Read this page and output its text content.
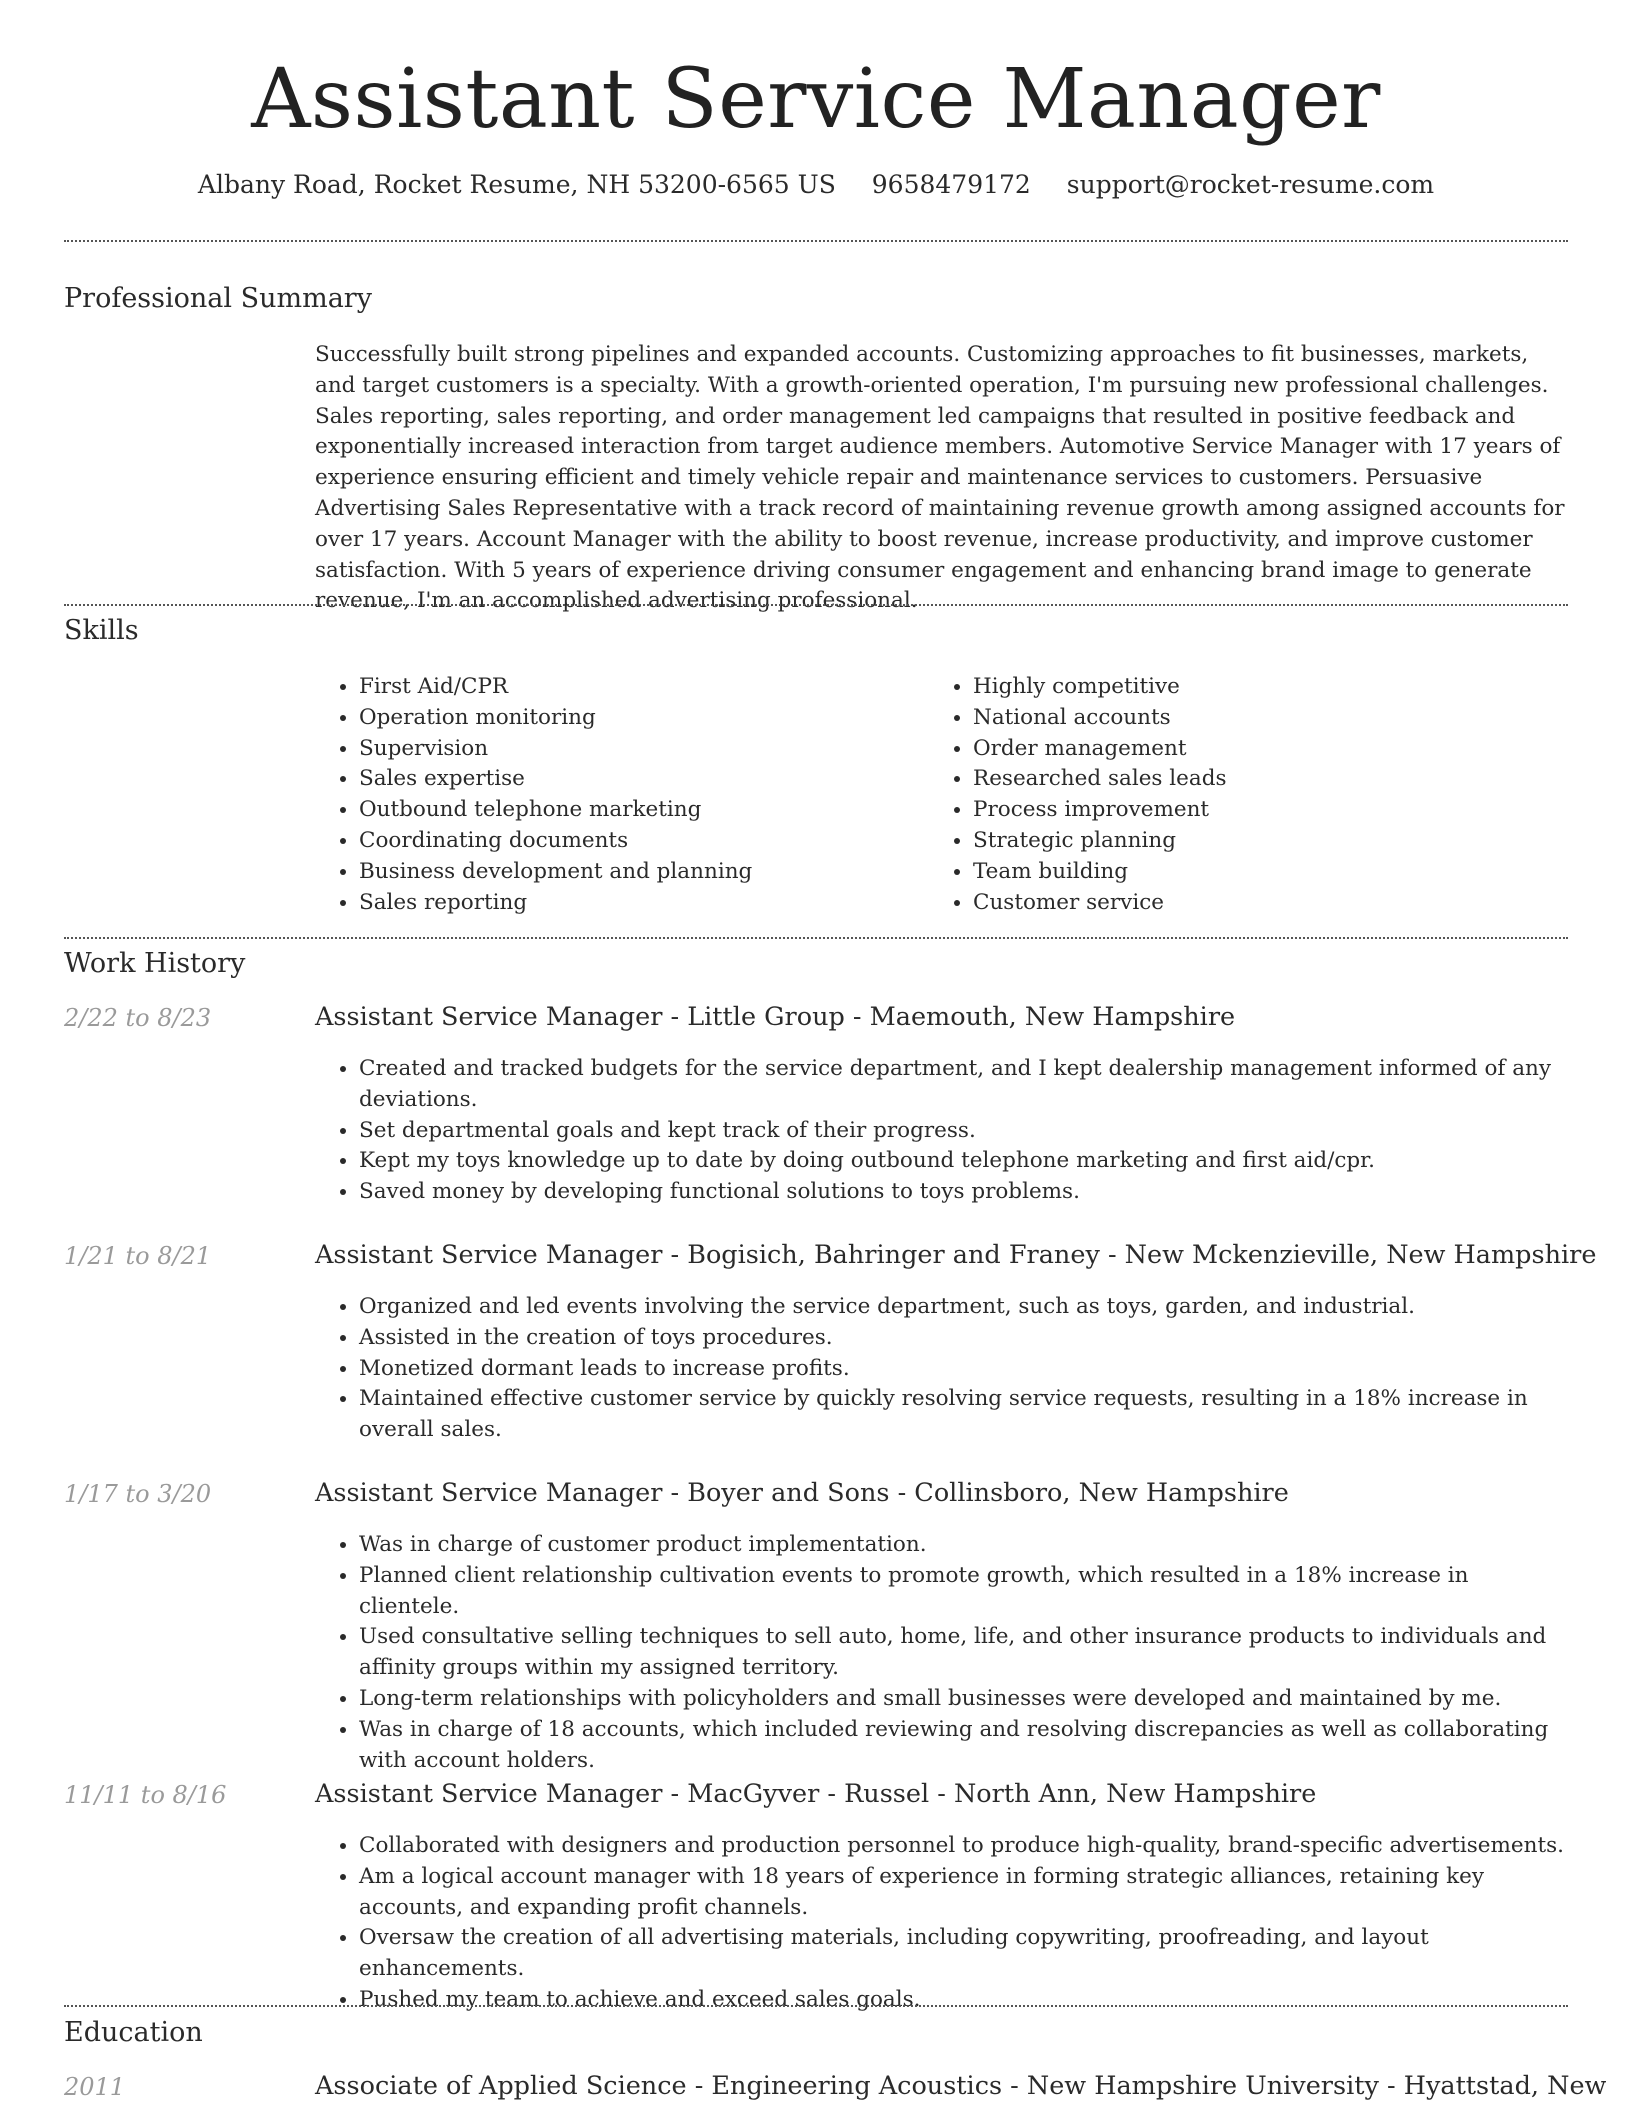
Assistant Service Manager
Albany Road, Rocket Resume, NH 53200-6565 US 9658479172 support@rocket-resume.com
Professional Summary

Successfully built strong pipelines and expanded accounts. Customizing approaches to fit businesses, markets, and target customers is a specialty. With a growth-oriented operation, I'm pursuing new professional challenges. Sales reporting, sales reporting, and order management led campaigns that resulted in positive feedback and exponentially increased interaction from target audience members. Automotive Service Manager with 17 years of experience ensuring efficient and timely vehicle repair and maintenance services to customers. Persuasive Advertising Sales Representative with a track record of maintaining revenue growth among assigned accounts for over 17 years. Account Manager with the ability to boost revenue, increase productivity, and improve customer satisfaction. With 5 years of experience driving consumer engagement and enhancing brand image to generate revenue, I'm an accomplished advertising professional.

Skills
• First Aid/CPR
• Operation monitoring
• Supervision
• Sales expertise
• Outbound telephone marketing
• Coordinating documents
• Business development and planning
• Sales reporting
• Highly competitive
• National accounts
• Order management
• Researched sales leads
• Process improvement
• Strategic planning
• Team building
• Customer service
Work History
2/22 to 8/23	Assistant Service Manager - Little Group - Maemouth, New Hampshire
• Created and tracked budgets for the service department, and I kept dealership management informed of any deviations.
• Set departmental goals and kept track of their progress.
• Kept my toys knowledge up to date by doing outbound telephone marketing and first aid/cpr.
• Saved money by developing functional solutions to toys problems.
1/21 to 8/21	Assistant Service Manager - Bogisich, Bahringer and Franey - New Mckenzieville, New Hampshire
• Organized and led events involving the service department, such as toys, garden, and industrial.
• Assisted in the creation of toys procedures.
• Monetized dormant leads to increase profits.
• Maintained effective customer service by quickly resolving service requests, resulting in a 18% increase in overall sales.
1/17 to 3/20	Assistant Service Manager - Boyer and Sons - Collinsboro, New Hampshire
• Was in charge of customer product implementation.
• Planned client relationship cultivation events to promote growth, which resulted in a 18% increase in clientele.
• Used consultative selling techniques to sell auto, home, life, and other insurance products to individuals and affinity groups within my assigned territory.
• Long-term relationships with policyholders and small businesses were developed and maintained by me.
• Was in charge of 18 accounts, which included reviewing and resolving discrepancies as well as collaborating with account holders.
11/11 to 8/16	Assistant Service Manager - MacGyver - Russel - North Ann, New Hampshire
• Collaborated with designers and production personnel to produce high-quality, brand-specific advertisements.
• Am a logical account manager with 18 years of experience in forming strategic alliances, retaining key accounts, and expanding profit channels.
• Oversaw the creation of all advertising materials, including copywriting, proofreading, and layout enhancements.
• Pushed my team to achieve and exceed sales goals.
Education
2011	Associate of Applied Science - Engineering Acoustics - New Hampshire University - Hyattstad, New
